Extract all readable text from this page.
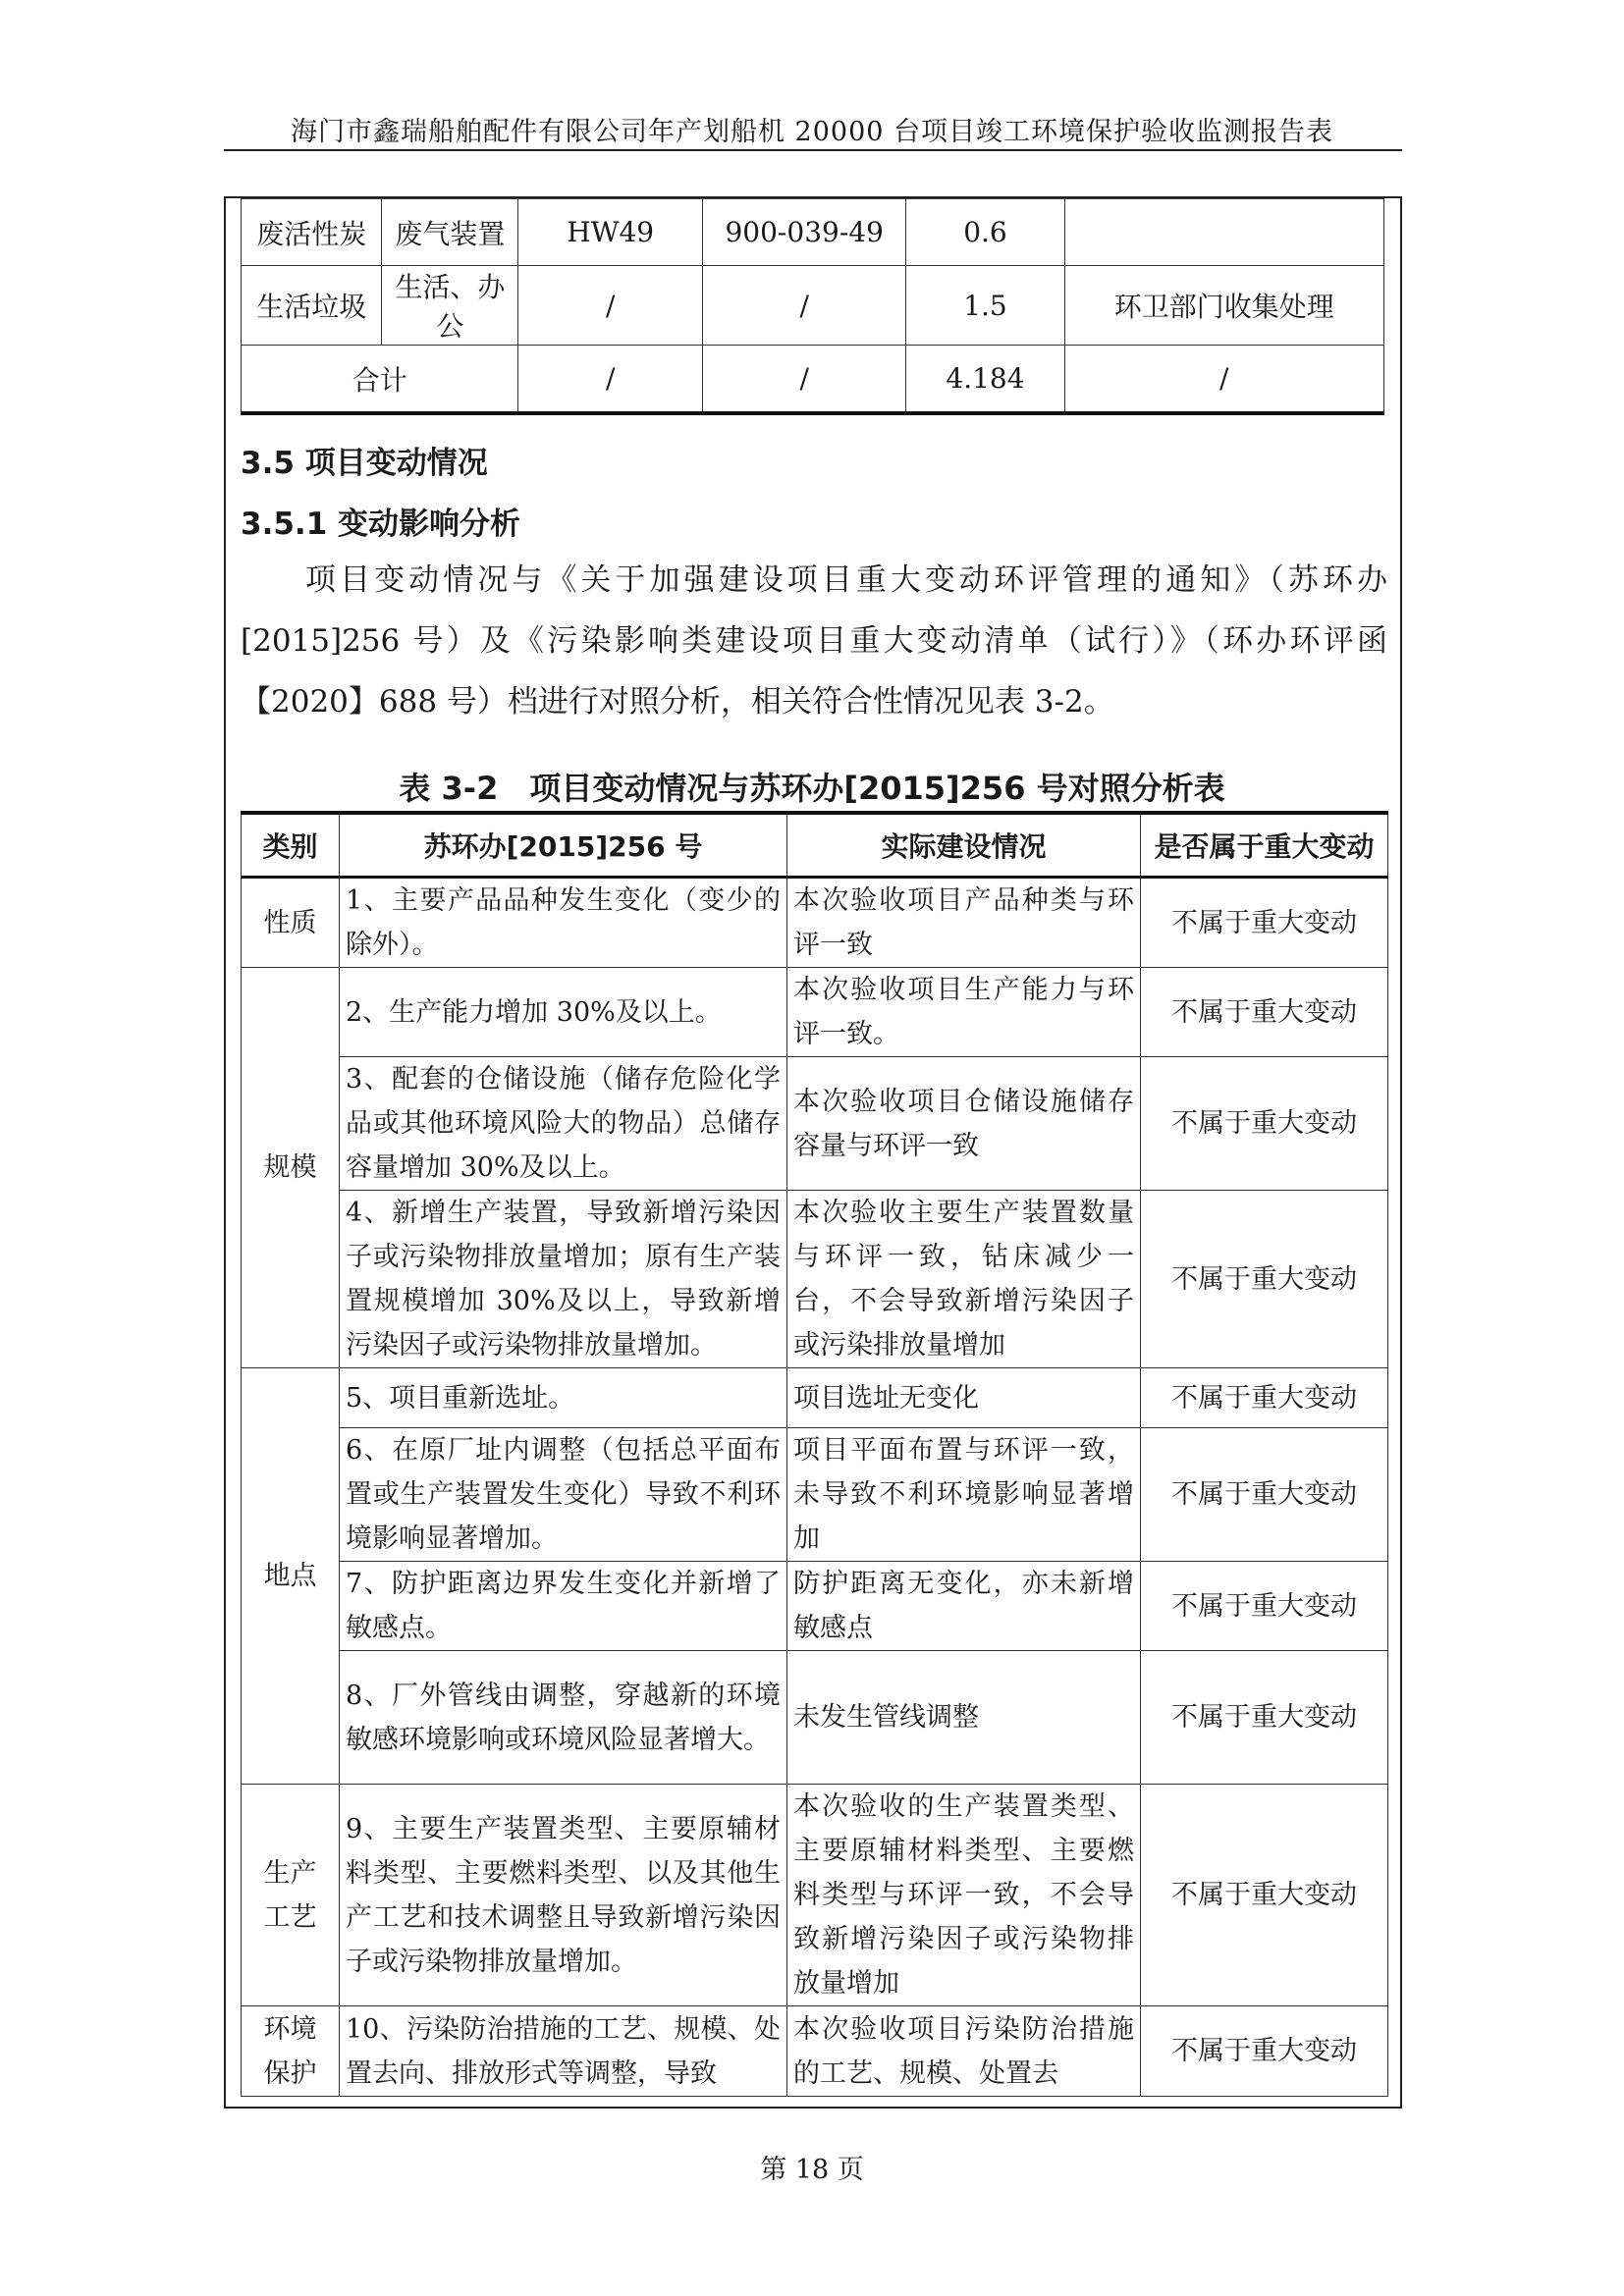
海门市鑫瑞船舶配件有限公司年产划船机 20000 台项目竣工环境保护验收监测报告表
废活性炭	废气装置	HW49	900-039-49	0.6	
生活垃圾	生活、办公	/	/	1.5	环卫部门收集处理
合计		/	/	4.184	/
3.5 项目变动情况
3.5.1 变动影响分析

项目变动情况与《关于加强建设项目重大变动环评管理的通知》（苏环办[2015]256 号）及《污染影响类建设项目重大变动清单（试行）》（环办环评函【2020】688 号）档进行对照分析，相关符合性情况见表 3-2。

表 3-2　项目变动情况与苏环办[2015]256 号对照分析表
类别	苏环办[2015]256 号	实际建设情况	是否属于重大变动
性质	1、主要产品品种发生变化（变少的除外）。	本次验收项目产品种类与环评一致	不属于重大变动
规模	2、生产能力增加 30%及以上。	本次验收项目生产能力与环评一致。	不属于重大变动
	3、配套的仓储设施（储存危险化学品或其他环境风险大的物品）总储存容量增加 30%及以上。	本次验收项目仓储设施储存容量与环评一致	不属于重大变动
	4、新增生产装置，导致新增污染因子或污染物排放量增加；原有生产装置规模增加 30%及以上，导致新增污染因子或污染物排放量增加。	本次验收主要生产装置数量与环评一致，钻床减少一台，不会导致新增污染因子或污染排放量增加	不属于重大变动
地点	5、项目重新选址。	项目选址无变化	不属于重大变动
	6、在原厂址内调整（包括总平面布置或生产装置发生变化）导致不利环境影响显著增加。	项目平面布置与环评一致，未导致不利环境影响显著增加	不属于重大变动
	7、防护距离边界发生变化并新增了敏感点。	防护距离无变化，亦未新增敏感点	不属于重大变动
	8、厂外管线由调整，穿越新的环境敏感环境影响或环境风险显著增大。	未发生管线调整	不属于重大变动
生产
工艺	9、主要生产装置类型、主要原辅材料类型、主要燃料类型、以及其他生产工艺和技术调整且导致新增污染因子或污染物排放量增加。	本次验收的生产装置类型、主要原辅材料类型、主要燃料类型与环评一致，不会导致新增污染因子或污染物排放量增加	不属于重大变动
环境
保护	10、污染防治措施的工艺、规模、处置去向、排放形式等调整，导致	本次验收项目污染防治措施的工艺、规模、处置去	不属于重大变动
第 18 页
